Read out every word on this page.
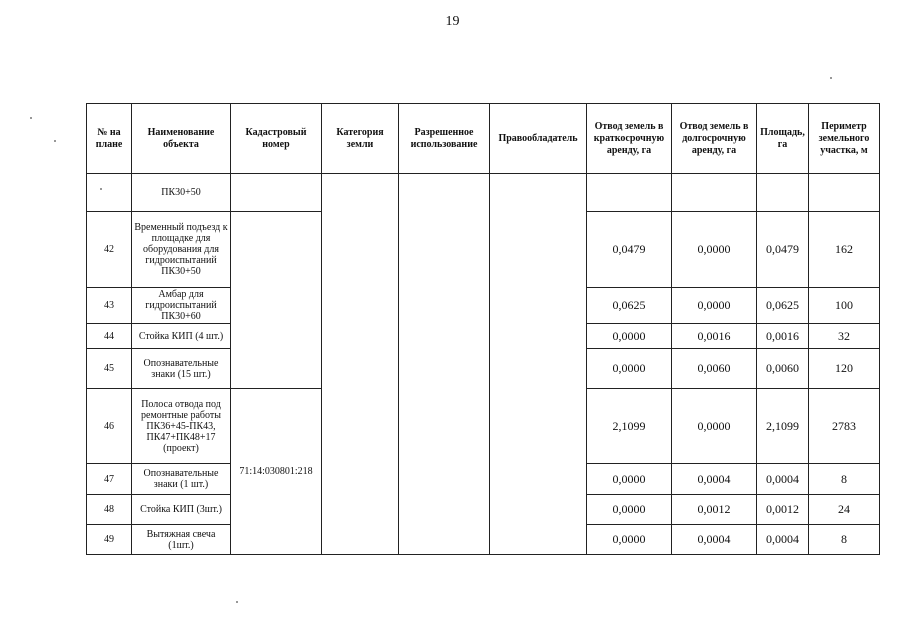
19
№ на плане	Наименование объекта	Кадастровый номер	Категория земли	Разрешенное использование	Правообладатель	Отвод земель в краткосрочную аренду, га	Отвод земель в долгосрочную аренду, га	Площадь, га	Периметр земельного участка, м
	ПК30+50								
42	Временный подъезд к площадке для оборудования для гидроиспытаний ПК30+50					0,0479	0,0000	0,0479	162
43	Амбар для гидроиспытаний ПК30+60					0,0625	0,0000	0,0625	100
44	Стойка КИП (4 шт.)					0,0000	0,0016	0,0016	32
45	Опознавательные знаки (15 шт.)					0,0000	0,0060	0,0060	120
46	Полоса отвода под ремонтные работы ПК36+45-ПК43, ПК47+ПК48+17 (проект)	71:14:030801:218				2,1099	0,0000	2,1099	2783
47	Опознавательные знаки (1 шт.)					0,0000	0,0004	0,0004	8
48	Стойка КИП (3шт.)					0,0000	0,0012	0,0012	24
49	Вытяжная свеча (1шт.)					0,0000	0,0004	0,0004	8
